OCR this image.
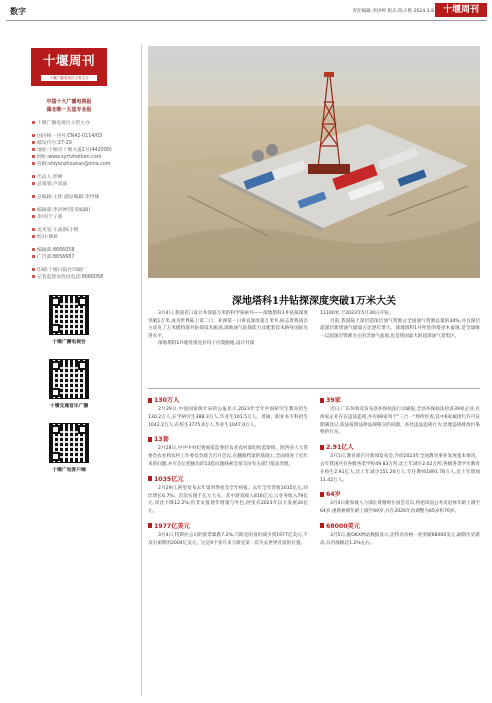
数字	责任编辑:李洪婷 版式:陈小艳 2024.3.8 十堰周刊
十堰周刊
十堰广播电视台主管主办
中国十大广播电视报
湖北唯一五星专业报
十堰广播电视台主管主办
国内统一刊号:CN42-0114/03
邮发代号:37-20
地址:十堰市十堰大道2号(442000)
网址:www.syrtvhotkan.com
投稿:shiyanzhoukan@sina.com
出品人:彭峰
总策划:卢彩波
总编辑:王炜 副总编辑:李世频
编辑部:李洪婷(签发编辑)
李玲/于子骄
美术室:王波/陈小艳
校对:傅莉
编辑部:8666058
广告部:8656687
印刷:十堰日报社印刷厂
记者监督及投诉电话:8666058
十堰广播电视台
十堰交通音乐广播
十堰广电客户端
深地塔科1井钻探深度突破1万米大关

3月4日,我国首口设计井深超万米的科学探索井——深地塔科1井钻探深度突破1万米,成为世界陆上第二口、亚洲第一口垂直深度超万米井,标志着我国自主攻克了万米级特深井钻探技术瓶颈,深地油气钻探能力及配套技术跻身国际先进水平。

深地塔科1井地处塔克拉玛干沙漠腹地,设计井深

11100米,于2023年5月30日开钻。

目前,我国陆上深层超深层油气资源占全国油气资源总量的34%,并且深层超深层新增油气储量占比逐年增大。深地塔科1井所处的塔里木盆地,是全球唯一以超深层资源为主的含油气盆地,也是我国最大的超深油气富集区。

130万人
2月29日,中国国家统计局的公报显示,2023年全年中国研究生教育招生130.2万人,在学研究生388.3万人,毕业生101.5万人。普通、职业本专科招生1042.2万人;在校生3775.0万人,毕业生1047.0万人。
13套
2月28日,中共中央纪委国家监委驻农业农村部纪检监察组、陕西省人大常委会农业和农村工作委员会联合召开会议,在翻阅档案的基础上,全面排查了近年来的问题,并在会后把抽出的13套问题线索全部交由有关部门依法处理。
1035亿元
2月29日,阿里发布去年第四季度及全年财报。去年全年营收1035亿元,同比增长6.7%。首次实现千亿元大关。其中游戏收入816亿元;云业务收入79亿元,同比下降12.2%;但非安置现年增量与外包,阿里有2023年以大发展34亿元。
1977亿美元
3月4日,特斯拉公司的股票暴跌7.2%,马斯克的身价减少到1977亿美元,不及贝索斯的2004亿美元。这是9个多月来马斯克第一次失去世界首富的位置。
39家
近日,广东环境及发布县环保执法行动通报,全县环保执法检查39家企业,有两家企业存在违法违规,共有69家用于"三合一"场所检查,其中6家属排污许可证期满登记,依法按照法律法规移交的问题。查处违法违规行为,处理违规排放污染物的行为。
2.91亿人
3月1日,教育部召开新闻发布会,介绍2023年全国教育事业发展基本情况。去年我国共有各级各类学校49.83万所,比上年减少2.02万所;各级各类学历教育在校生2.91亿人,比上年减少151.26万人;专任教师1891.78万人,比上年增加11.42万人。
64岁
3月4日新加坡人力部长黄循财在国会宣布,将把该国公务员退休年龄上调至64岁,重新雇佣年龄上调至69岁,并在2026年再调整为65岁和70岁。
68000美元
3月5日,据OKX网站数据显示,比特币价格一度突破68000美元,刷新历史新高,日内涨幅达1.2%左右。
